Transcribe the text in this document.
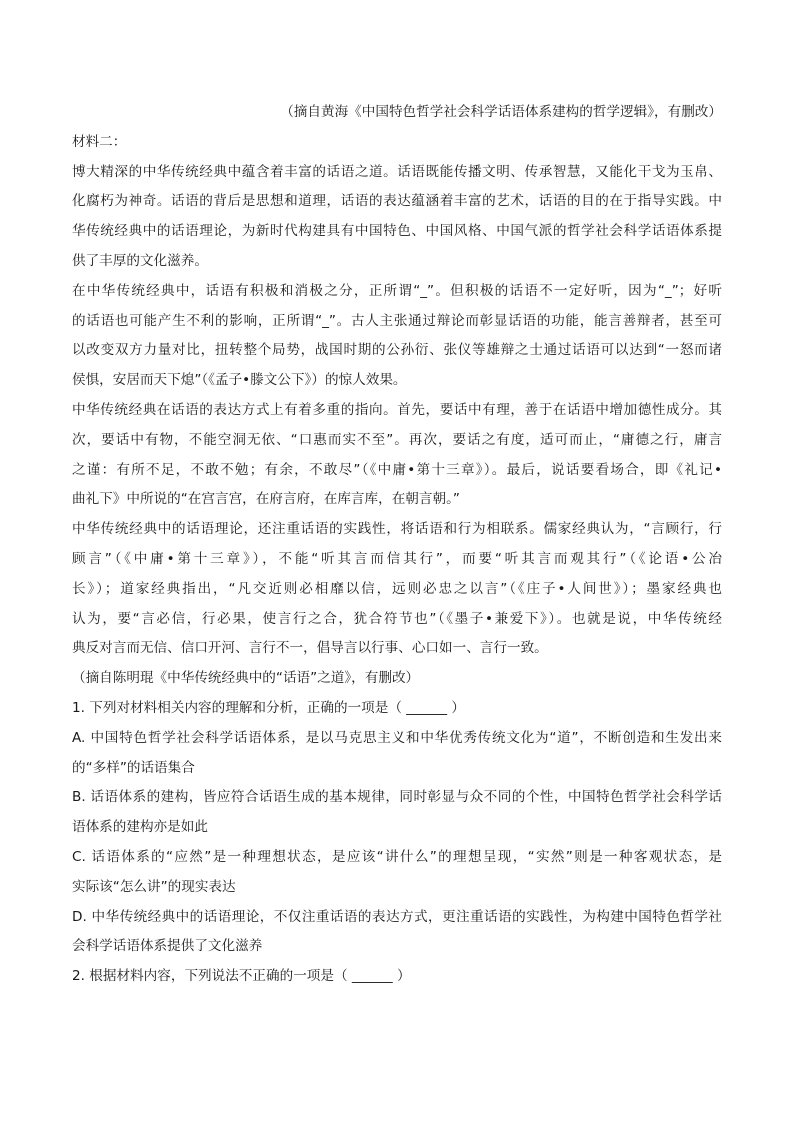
（摘自黄海《中国特色哲学社会科学话语体系建构的哲学逻辑》，有删改）
材料二：
博大精深的中华传统经典中蕴含着丰富的话语之道。话语既能传播文明、传承智慧，又能化干戈为玉帛、
化腐朽为神奇。话语的背后是思想和道理，话语的表达蕴涵着丰富的艺术，话语的目的在于指导实践。中
华传统经典中的话语理论，为新时代构建具有中国特色、中国风格、中国气派的哲学社会科学话语体系提
供了丰厚的文化滋养。
在中华传统经典中，话语有积极和消极之分，正所谓“_”。但积极的话语不一定好听，因为“_”；好听
的话语也可能产生不利的影响，正所谓“_”。古人主张通过辩论而彰显话语的功能，能言善辩者，甚至可
以改变双方力量对比，扭转整个局势，战国时期的公孙衍、张仪等雄辩之士通过话语可以达到“一怒而诸
侯惧，安居而天下熄”（《孟子•滕文公下》）的惊人效果。
中华传统经典在话语的表达方式上有着多重的指向。首先，要话中有理，善于在话语中增加德性成分。其
次，要话中有物，不能空洞无依、“口惠而实不至”。再次，要话之有度，适可而止，“庸德之行，庸言
之谨：有所不足，不敢不勉；有余，不敢尽”（《中庸•第十三章》）。最后，说话要看场合，即《礼记•
曲礼下》中所说的“在宫言宫，在府言府，在库言库，在朝言朝。”
中华传统经典中的话语理论，还注重话语的实践性，将话语和行为相联系。儒家经典认为，“言顾行，行
顾言”（《中庸•第十三章》），不能“听其言而信其行”，而要“听其言而观其行”（《论语•公冶
长》）；道家经典指出，“凡交近则必相靡以信，远则必忠之以言”（《庄子•人间世》）；墨家经典也
认为，要“言必信，行必果，使言行之合，犹合符节也”（《墨子•兼爱下》）。也就是说，中华传统经
典反对言而无信、信口开河、言行不一，倡导言以行事、心口如一、言行一致。
（摘自陈明琨《中华传统经典中的“话语”之道》，有删改）
1. 下列对材料相关内容的理解和分析，正确的一项是（ ______ ）
A. 中国特色哲学社会科学话语体系，是以马克思主义和中华优秀传统文化为“道”，不断创造和生发出来
的“多样”的话语集合
B. 话语体系的建构，皆应符合话语生成的基本规律，同时彰显与众不同的个性，中国特色哲学社会科学话
语体系的建构亦是如此
C. 话语体系的“应然”是一种理想状态，是应该“讲什么”的理想呈现，“实然”则是一种客观状态，是
实际该“怎么讲”的现实表达
D. 中华传统经典中的话语理论，不仅注重话语的表达方式，更注重话语的实践性，为构建中国特色哲学社
会科学话语体系提供了文化滋养
2. 根据材料内容，下列说法不正确的一项是（ ______ ）
